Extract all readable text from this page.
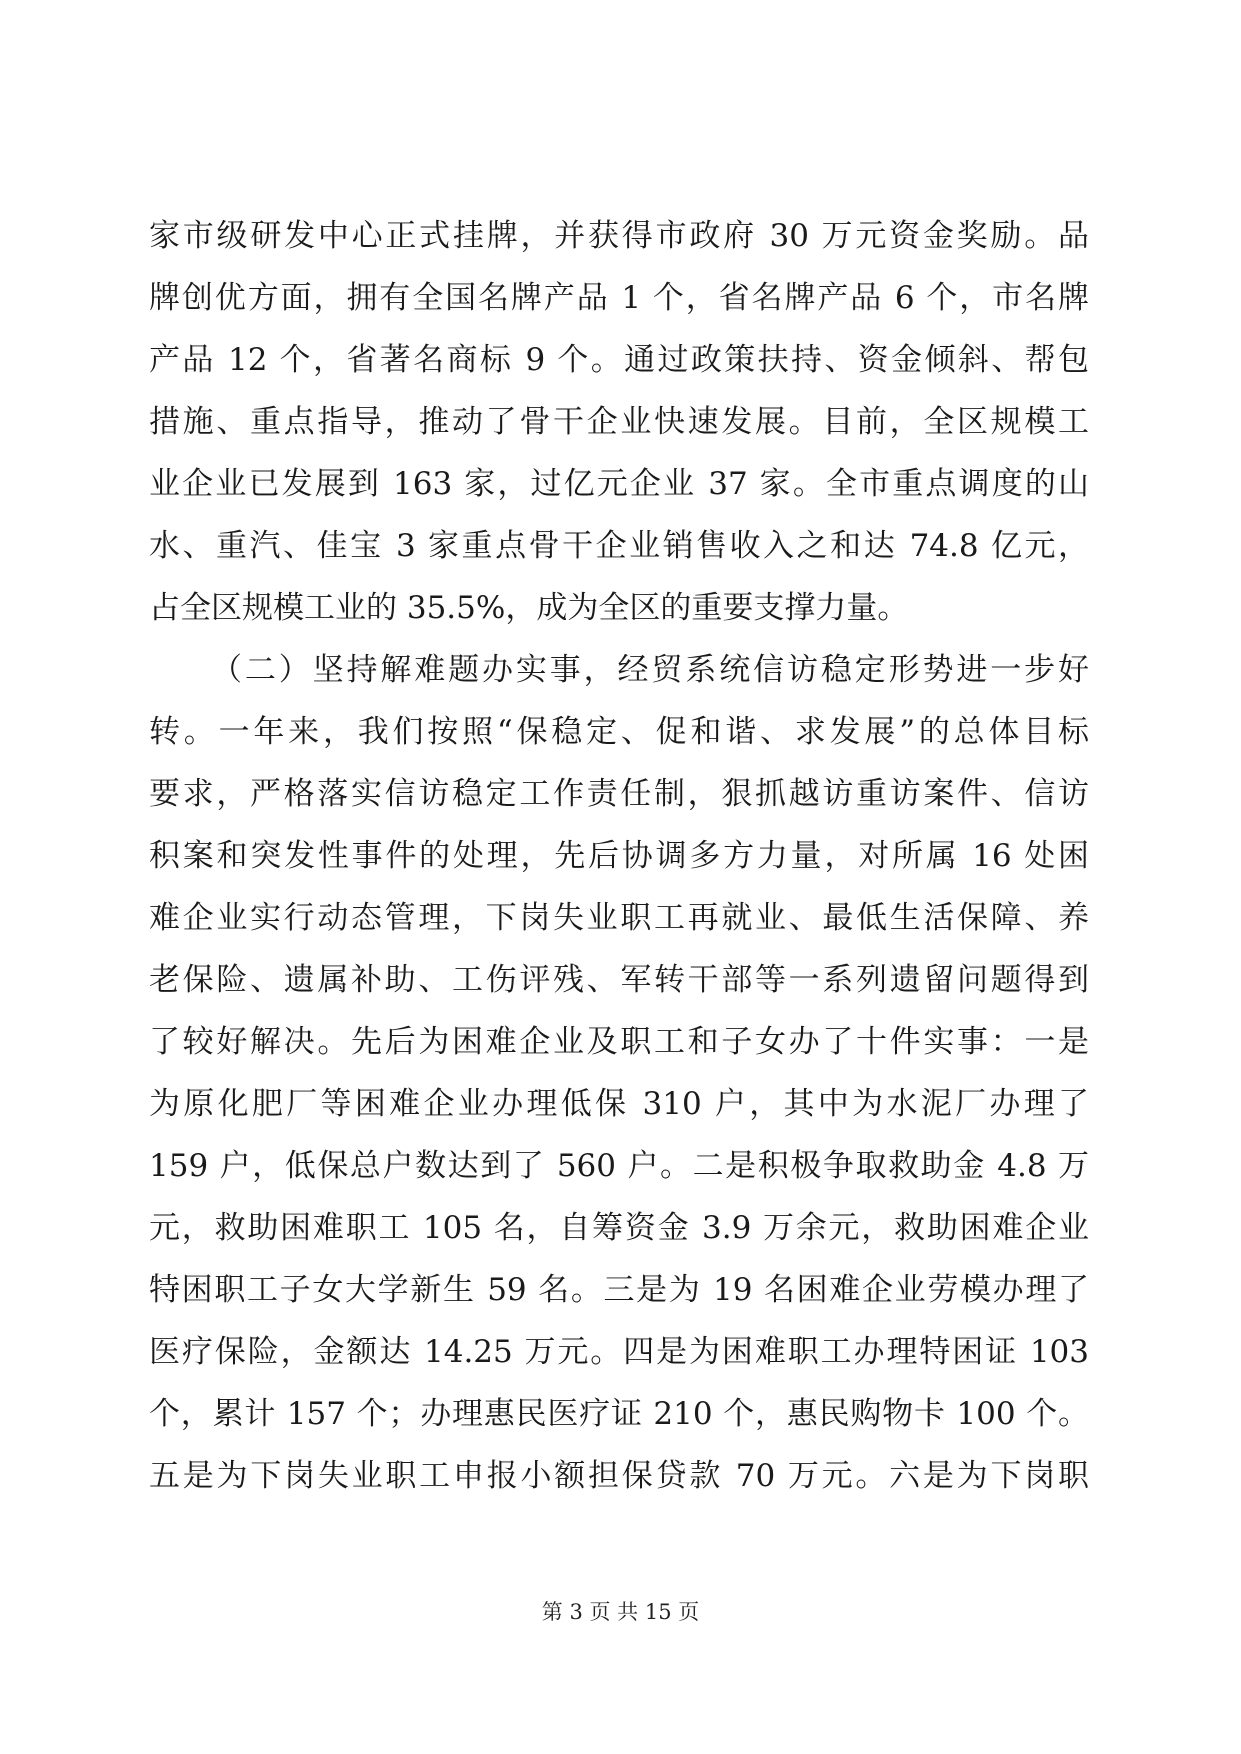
家市级研发中心正式挂牌，并获得市政府 30 万元资金奖励。品
牌创优方面，拥有全国名牌产品 1 个，省名牌产品 6 个，市名牌
产品 12 个，省著名商标 9 个。通过政策扶持、资金倾斜、帮包
措施、重点指导，推动了骨干企业快速发展。目前，全区规模工
业企业已发展到 163 家，过亿元企业 37 家。全市重点调度的山
水、重汽、佳宝 3 家重点骨干企业销售收入之和达 74.8 亿元，
占全区规模工业的 35.5%，成为全区的重要支撑力量。
（二）坚持解难题办实事，经贸系统信访稳定形势进一步好
转。一年来，我们按照“保稳定、促和谐、求发展”的总体目标
要求，严格落实信访稳定工作责任制，狠抓越访重访案件、信访
积案和突发性事件的处理，先后协调多方力量，对所属 16 处困
难企业实行动态管理，下岗失业职工再就业、最低生活保障、养
老保险、遗属补助、工伤评残、军转干部等一系列遗留问题得到
了较好解决。先后为困难企业及职工和子女办了十件实事：一是
为原化肥厂等困难企业办理低保 310 户，其中为水泥厂办理了
159 户，低保总户数达到了 560 户。二是积极争取救助金 4.8 万
元，救助困难职工 105 名，自筹资金 3.9 万余元，救助困难企业
特困职工子女大学新生 59 名。三是为 19 名困难企业劳模办理了
医疗保险，金额达 14.25 万元。四是为困难职工办理特困证 103
个，累计 157 个；办理惠民医疗证 210 个，惠民购物卡 100 个。
五是为下岗失业职工申报小额担保贷款 70 万元。六是为下岗职
第 3 页 共 15 页
